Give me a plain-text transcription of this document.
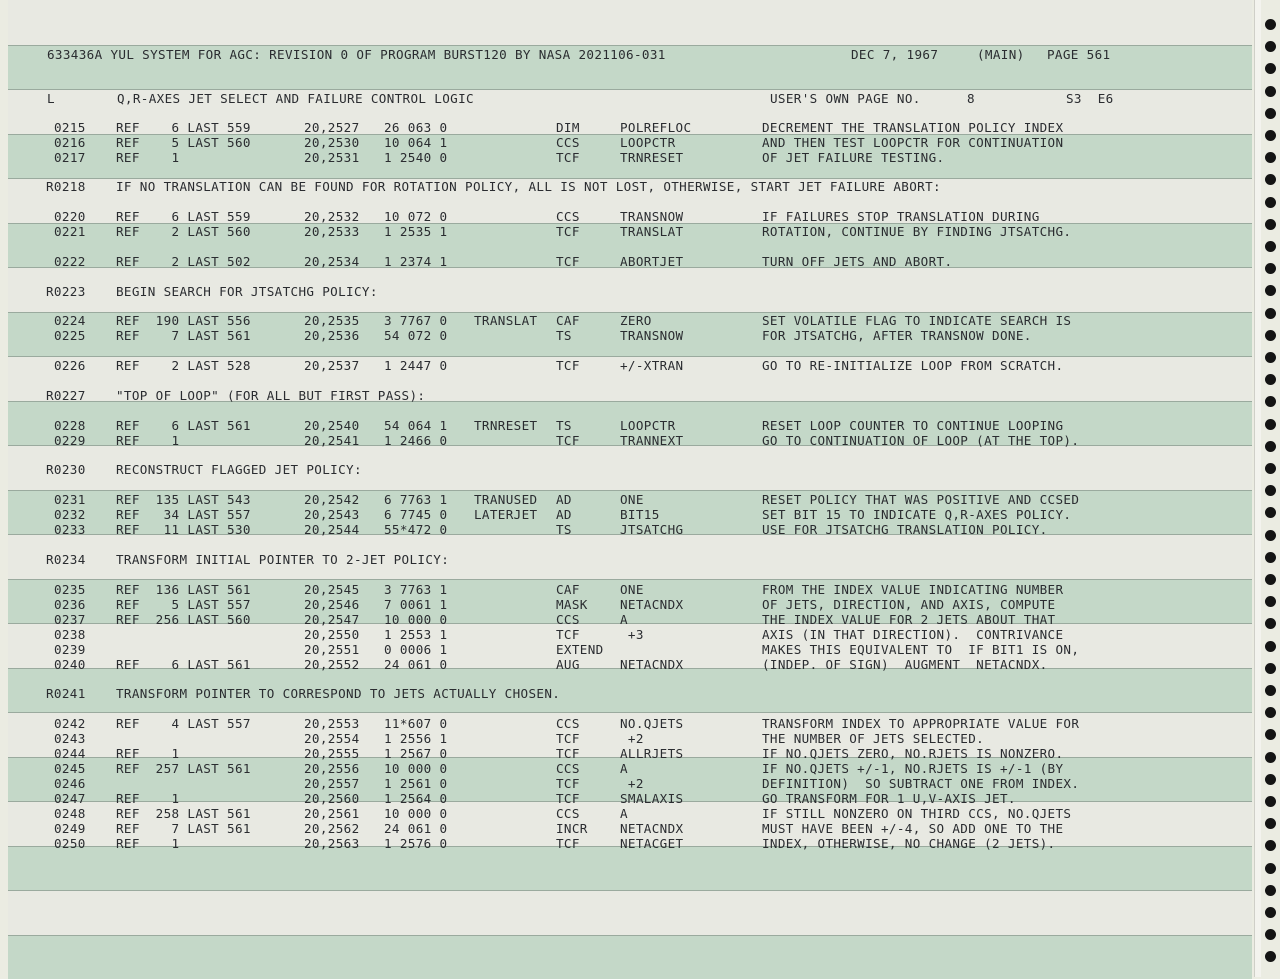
633436A YUL SYSTEM FOR AGC: REVISION 0 OF PROGRAM BURST120 BY NASA 2021106-031

	DEC 7, 1967

	(MAIN)

PAGE 561

L

	Q,R-AXES JET SELECT AND FAILURE CONTROL LOGIC

	USER'S OWN PAGE NO.

	8

	S3  E6

0215 REF    6 LAST 559	20,2527 26 063 0	DIM	POLREFLOC	DECREMENT THE TRANSLATION POLICY INDEX
0216 REF    5 LAST 560	20,2530 10 064 1	CCS	LOOPCTR	AND THEN TEST LOOPCTR FOR CONTINUATION
0217 REF    1	20,2531 1 2540 0	TCF	TRNRESET	OF JET FAILURE TESTING.
R0218 IF NO TRANSLATION CAN BE FOUND FOR ROTATION POLICY, ALL IS NOT LOST, OTHERWISE, START JET FAILURE ABORT:
0220 REF    6 LAST 559	20,2532 10 072 0	CCS	TRANSNOW	IF FAILURES STOP TRANSLATION DURING
0221 REF    2 LAST 560	20,2533 1 2535 1	TCF	TRANSLAT	ROTATION, CONTINUE BY FINDING JTSATCHG.
0222 REF    2 LAST 502	20,2534 1 2374 1	TCF	ABORTJET	TURN OFF JETS AND ABORT.
R0223 BEGIN SEARCH FOR JTSATCHG POLICY:
0224 REF  190 LAST 556	20,2535 3 7767 0 TRANSLAT CAF	ZERO	SET VOLATILE FLAG TO INDICATE SEARCH IS
0225 REF    7 LAST 561	20,2536 54 072 0	TS	TRANSNOW	FOR JTSATCHG, AFTER TRANSNOW DONE.
0226 REF    2 LAST 528	20,2537 1 2447 0	TCF	+/-XTRAN	GO TO RE-INITIALIZE LOOP FROM SCRATCH.
R0227 "TOP OF LOOP" (FOR ALL BUT FIRST PASS):
0228 REF    6 LAST 561	20,2540 54 064 1 TRNRESET TS	LOOPCTR	RESET LOOP COUNTER TO CONTINUE LOOPING
0229 REF    1	20,2541 1 2466 0	TCF	TRANNEXT	GO TO CONTINUATION OF LOOP (AT THE TOP).
R0230 RECONSTRUCT FLAGGED JET POLICY:
0231 REF  135 LAST 543	20,2542 6 7763 1 TRANUSED AD	ONE	RESET POLICY THAT WAS POSITIVE AND CCSED
0232 REF   34 LAST 557	20,2543 6 7745 0 LATERJET AD	BIT15	SET BIT 15 TO INDICATE Q,R-AXES POLICY.
0233 REF   11 LAST 530	20,2544 55*472 0	TS	JTSATCHG	USE FOR JTSATCHG TRANSLATION POLICY.
R0234 TRANSFORM INITIAL POINTER TO 2-JET POLICY:
0235 REF  136 LAST 561	20,2545 3 7763 1	CAF	ONE	FROM THE INDEX VALUE INDICATING NUMBER
0236 REF    5 LAST 557	20,2546 7 0061 1	MASK	NETACNDX	OF JETS, DIRECTION, AND AXIS, COMPUTE
0237 REF  256 LAST 560	20,2547 10 000 0	CCS	A	THE INDEX VALUE FOR 2 JETS ABOUT THAT
0238	20,2550 1 2553 1	TCF	+3	AXIS (IN THAT DIRECTION).  CONTRIVANCE
0239	20,2551 0 0006 1	EXTEND	MAKES THIS EQUIVALENT TO  IF BIT1 IS ON,
0240 REF    6 LAST 561	20,2552 24 061 0	AUG	NETACNDX	(INDEP. OF SIGN)  AUGMENT  NETACNDX.
R0241 TRANSFORM POINTER TO CORRESPOND TO JETS ACTUALLY CHOSEN.
0242 REF    4 LAST 557	20,2553 11*607 0	CCS	NO.QJETS	TRANSFORM INDEX TO APPROPRIATE VALUE FOR
0243	20,2554 1 2556 1	TCF	+2	THE NUMBER OF JETS SELECTED.
0244 REF    1	20,2555 1 2567 0	TCF	ALLRJETS	IF NO.QJETS ZERO, NO.RJETS IS NONZERO.
0245 REF  257 LAST 561	20,2556 10 000 0	CCS	A	IF NO.QJETS +/-1, NO.RJETS IS +/-1 (BY
0246	20,2557 1 2561 0	TCF	+2	DEFINITION)  SO SUBTRACT ONE FROM INDEX.
0247 REF    1	20,2560 1 2564 0	TCF	SMALAXIS	GO TRANSFORM FOR 1 U,V-AXIS JET.
0248 REF  258 LAST 561	20,2561 10 000 0	CCS	A	IF STILL NONZERO ON THIRD CCS, NO.QJETS
0249 REF    7 LAST 561	20,2562 24 061 0	INCR	NETACNDX	MUST HAVE BEEN +/-4, SO ADD ONE TO THE
0250 REF    1	20,2563 1 2576 0	TCF	NETACGET	INDEX, OTHERWISE, NO CHANGE (2 JETS).
